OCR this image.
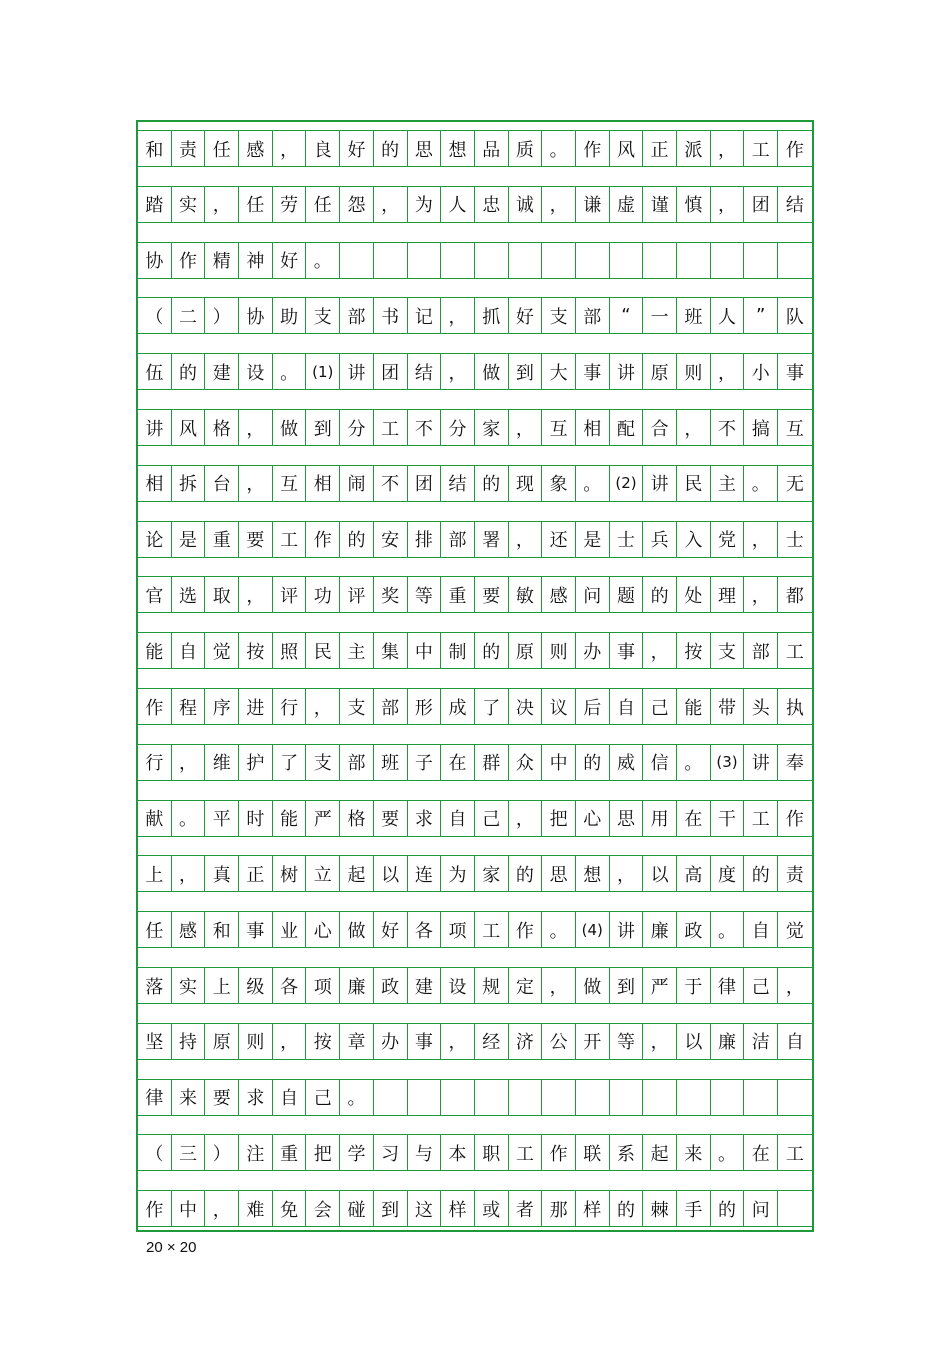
和 责 任 感 ， 良 好 的 思 想 品 质 。 作 风 正 派 ， 工 作
踏 实 ， 任 劳 任 怨 ， 为 人 忠 诚 ， 谦 虚 谨 慎 ， 团 结
协 作 精 神 好 。
（ 二 ） 协 助 支 部 书 记 ， 抓 好 支 部	“	一 班 人	”	队
伍 的 建 设 。 (1) 讲 团 结 ， 做 到 大 事 讲 原 则 ， 小 事
讲 风 格 ， 做 到 分 工 不 分 家 ， 互 相 配 合 ， 不 搞 互
相 拆 台 ， 互 相 闹 不 团 结 的 现 象 。 (2) 讲 民 主 。 无
论 是 重 要 工 作 的 安 排 部 署 ， 还 是 士 兵 入 党 ， 士
官 选 取 ， 评 功 评 奖 等 重 要 敏 感 问 题 的 处 理 ， 都
能 自 觉 按 照 民 主 集 中 制 的 原 则 办 事 ， 按 支 部 工
作 程 序 进 行 ， 支 部 形 成 了 决 议 后 自 己 能 带 头 执
行 ， 维 护 了 支 部 班 子 在 群 众 中 的 威 信 。 (3) 讲 奉
献 。 平 时 能 严 格 要 求 自 己 ， 把 心 思 用 在 干 工 作
上 ， 真 正 树 立 起 以 连 为 家 的 思 想 ， 以 高 度 的 责
任 感 和 事 业 心 做 好 各 项 工 作 。 (4) 讲 廉 政 。 自 觉
落 实 上 级 各 项 廉 政 建 设 规 定 ， 做 到 严 于 律 己 ，
坚 持 原 则 ， 按 章 办 事 ， 经 济 公 开 等 ， 以 廉 洁 自
律 来 要 求 自 己 。
（ 三 ） 注 重 把 学 习 与 本 职 工 作 联 系 起 来 。 在 工
作 中 ， 难 免 会 碰 到 这 样 或 者 那 样 的 棘 手 的 问
20 × 20
